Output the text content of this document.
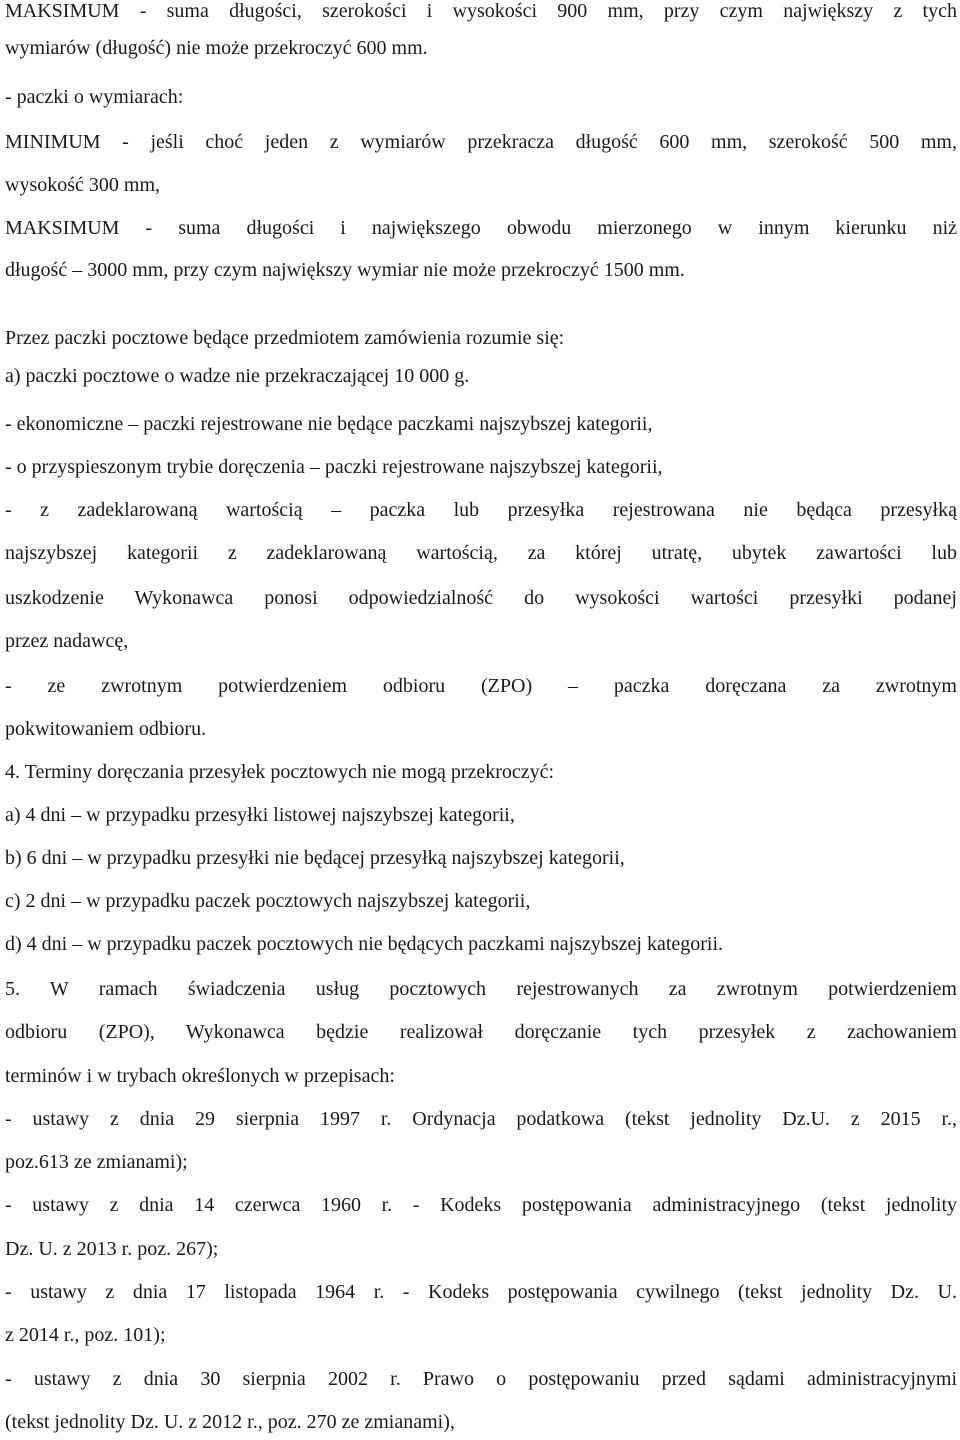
MAKSIMUM - suma długości, szerokości i wysokości 900 mm, przy czym największy z tych
wymiarów (długość) nie może przekroczyć 600 mm.
- paczki o wymiarach:
MINIMUM - jeśli choć jeden z wymiarów przekracza długość 600 mm, szerokość 500 mm,
wysokość 300 mm,
MAKSIMUM - suma długości i największego obwodu mierzonego w innym kierunku niż
długość – 3000 mm, przy czym największy wymiar nie może przekroczyć 1500 mm.
Przez paczki pocztowe będące przedmiotem zamówienia rozumie się:
a) paczki pocztowe o wadze nie przekraczającej 10 000 g.
- ekonomiczne – paczki rejestrowane nie będące paczkami najszybszej kategorii,
- o przyspieszonym trybie doręczenia – paczki rejestrowane najszybszej kategorii,
- z zadeklarowaną wartością – paczka lub przesyłka rejestrowana nie będąca przesyłką
najszybszej kategorii z zadeklarowaną wartością, za której utratę, ubytek zawartości lub
uszkodzenie Wykonawca ponosi odpowiedzialność do wysokości wartości przesyłki podanej
przez nadawcę,
- ze zwrotnym potwierdzeniem odbioru (ZPO) – paczka doręczana za zwrotnym
pokwitowaniem odbioru.
4. Terminy doręczania przesyłek pocztowych nie mogą przekroczyć:
a) 4 dni – w przypadku przesyłki listowej najszybszej kategorii,
b) 6 dni – w przypadku przesyłki nie będącej przesyłką najszybszej kategorii,
c) 2 dni – w przypadku paczek pocztowych najszybszej kategorii,
d) 4 dni – w przypadku paczek pocztowych nie będących paczkami najszybszej kategorii.
5. W ramach świadczenia usług pocztowych rejestrowanych za zwrotnym potwierdzeniem
odbioru (ZPO), Wykonawca będzie realizował doręczanie tych przesyłek z zachowaniem
terminów i w trybach określonych w przepisach:
- ustawy z dnia 29 sierpnia 1997 r. Ordynacja podatkowa (tekst jednolity Dz.U. z 2015 r.,
poz.613 ze zmianami);
- ustawy z dnia 14 czerwca 1960 r. - Kodeks postępowania administracyjnego (tekst jednolity
Dz. U. z 2013 r. poz. 267);
- ustawy z dnia 17 listopada 1964 r. - Kodeks postępowania cywilnego (tekst jednolity Dz. U.
z 2014 r., poz. 101);
- ustawy z dnia 30 sierpnia 2002 r. Prawo o postępowaniu przed sądami administracyjnymi
(tekst jednolity Dz. U. z 2012 r., poz. 270 ze zmianami),
